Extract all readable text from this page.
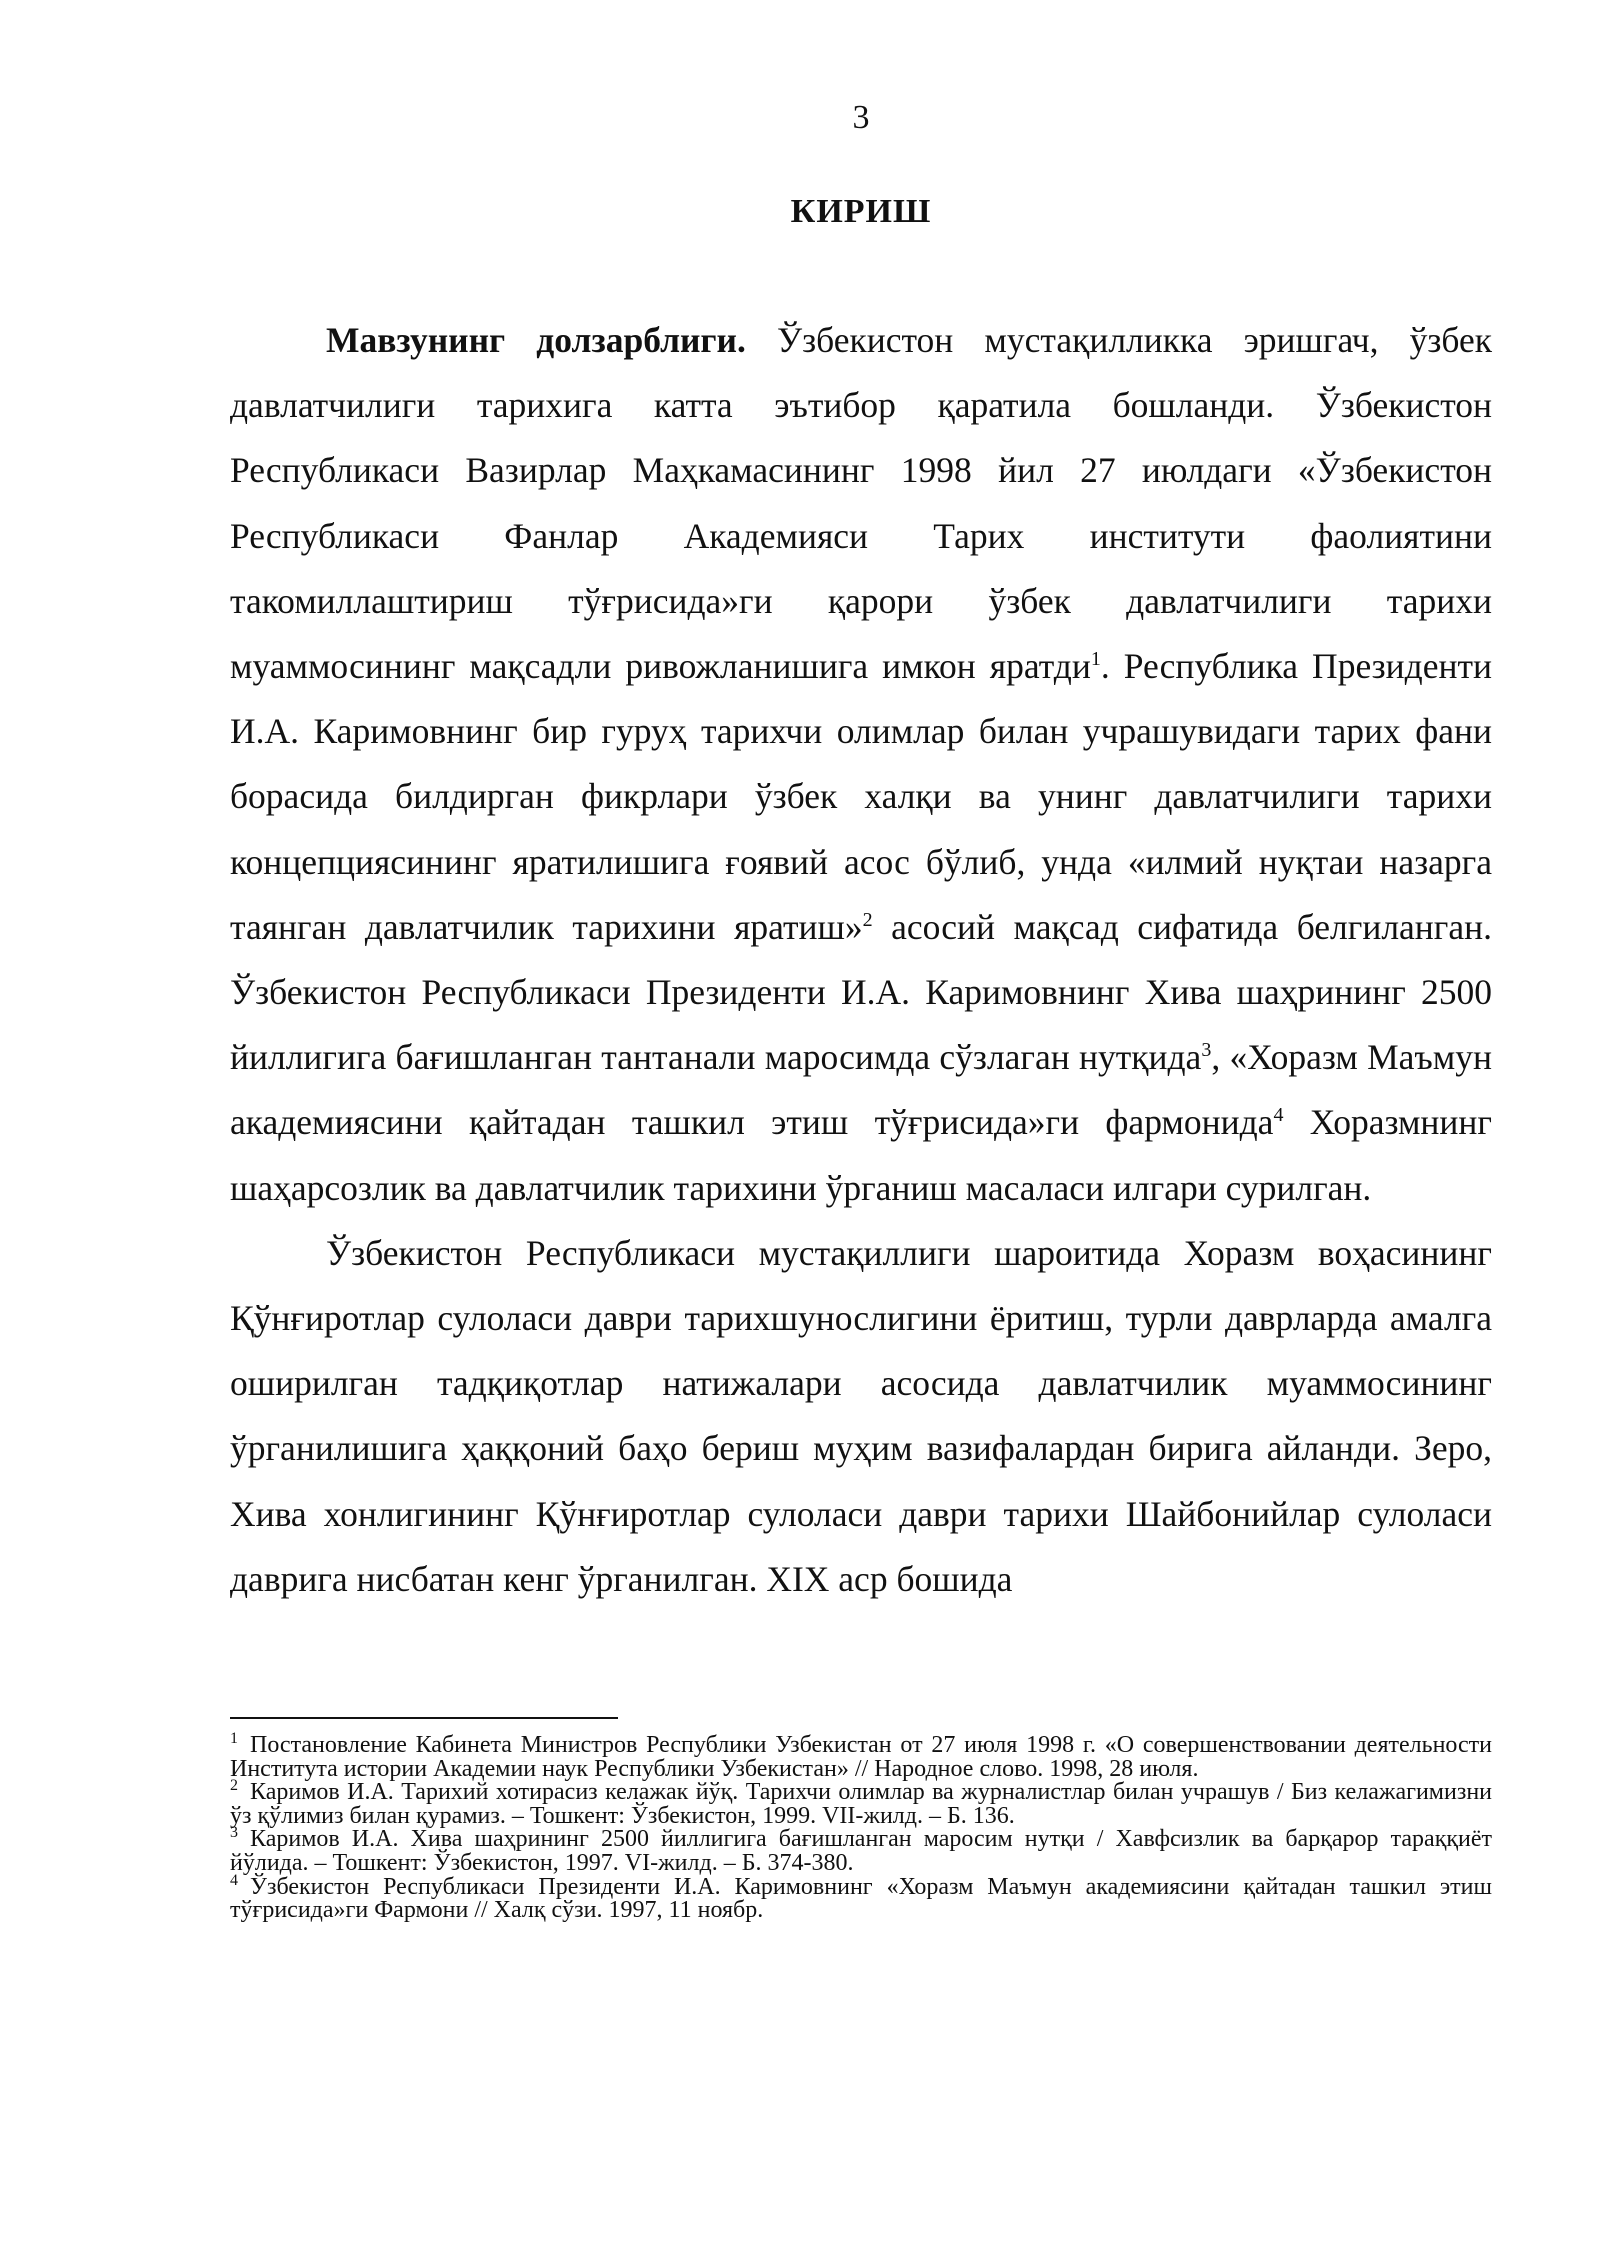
3
КИРИШ

Мавзунинг долзарблиги. Ўзбекистон мустақилликка эришгач, ўзбек давлатчилиги тарихига катта эътибор қаратила бошланди. Ўзбекистон Республикаси Вазирлар Маҳкамасининг 1998 йил 27 июлдаги «Ўзбекистон Республикаси Фанлар Академияси Тарих институти фаолиятини такомиллаштириш тўғрисида»ги қарори ўзбек давлатчилиги тарихи муаммосининг мақсадли ривожланишига имкон яратди$^1$. Республика Президенти И.А. Каримовнинг бир гуруҳ тарихчи олимлар билан учрашувидаги тарих фани борасида билдирган фикрлари ўзбек халқи ва унинг давлатчилиги тарихи концепциясининг яратилишига ғоявий асос бўлиб, унда «илмий нуқтаи назарга таянган давлатчилик тарихини яратиш»$^2$ асосий мақсад сифатида белгиланган. Ўзбекистон Республикаси Президенти И.А. Каримовнинг Хива шаҳрининг 2500 йиллигига бағишланган тантанали маросимда сўзлаган нутқида$^3$, «Хоразм Маъмун академиясини қайтадан ташкил этиш тўғрисида»ги фармонида$^4$ Хоразмнинг шаҳарсозлик ва давлатчилик тарихини ўрганиш масаласи илгари сурилган.

Ўзбекистон Республикаси мустақиллиги шароитида Хоразм воҳасининг Қўнғиротлар сулоласи даври тарихшунослигини ёритиш, турли даврларда амалга оширилган тадқиқотлар натижалари асосида давлатчилик муаммосининг ўрганилишига ҳаққоний баҳо бериш муҳим вазифалардан бирига айланди. Зеро, Хива хонлигининг Қўнғиротлар сулоласи даври тарихи Шайбонийлар сулоласи даврига нисбатан кенг ўрганилган. XIX аср бошида

$^1$ Постановление Кабинета Министров Республики Узбекистан от 27 июля 1998 г. «О совершенствовании деятельности Института истории Академии наук Республики Узбекистан» // Народное слово. 1998, 28 июля.

$^2$ Каримов И.А. Тарихий хотирасиз келажак йўқ. Тарихчи олимлар ва журналистлар билан учрашув / Биз келажагимизни ўз қўлимиз билан қурамиз. – Тошкент: Ўзбекистон, 1999. VII-жилд. – Б. 136.

$^3$ Каримов И.А. Хива шаҳрининг 2500 йиллигига бағишланган маросим нутқи / Хавфсизлик ва барқарор тараққиёт йўлида. – Тошкент: Ўзбекистон, 1997. VI-жилд. – Б. 374-380.

$^4$ Ўзбекистон Республикаси Президенти И.А. Каримовнинг «Хоразм Маъмун академиясини қайтадан ташкил этиш тўғрисида»ги Фармони // Халқ сўзи. 1997, 11 ноябр.
